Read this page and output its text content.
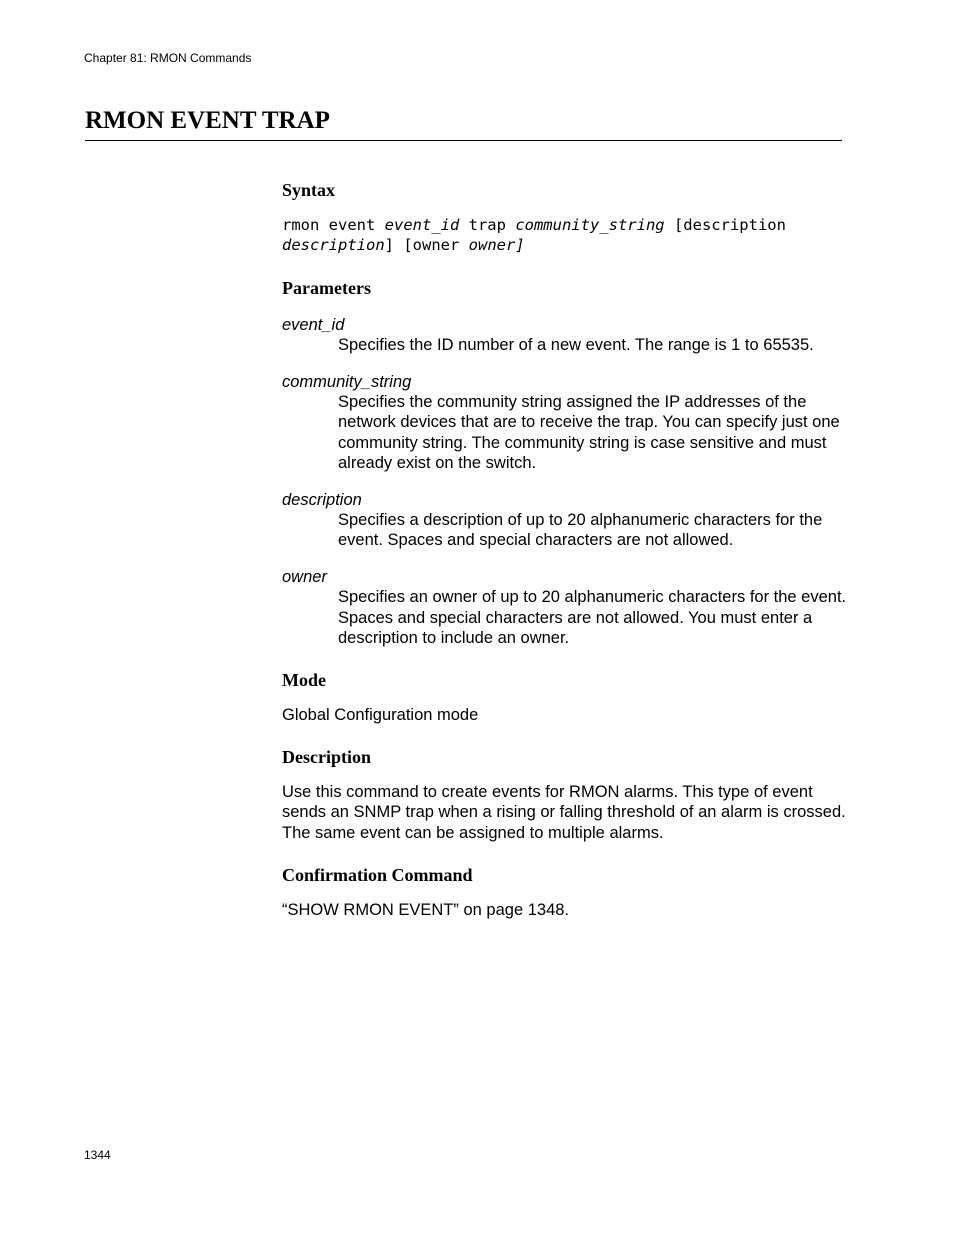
Chapter 81: RMON Commands
RMON EVENT TRAP

Syntax

rmon event event_id trap community_string [description
description] [owner owner]

Parameters

event_id

Specifies the ID number of a new event. The range is 1 to 65535.

community_string

Specifies the community string assigned the IP addresses of the network devices that are to receive the trap. You can specify just one community string. The community string is case sensitive and must already exist on the switch.

description

Specifies a description of up to 20 alphanumeric characters for the event. Spaces and special characters are not allowed.

owner

Specifies an owner of up to 20 alphanumeric characters for the event. Spaces and special characters are not allowed. You must enter a description to include an owner.

Mode

Global Configuration mode

Description

Use this command to create events for RMON alarms. This type of event sends an SNMP trap when a rising or falling threshold of an alarm is crossed. The same event can be assigned to multiple alarms.

Confirmation Command

“SHOW RMON EVENT” on page 1348.

1344
